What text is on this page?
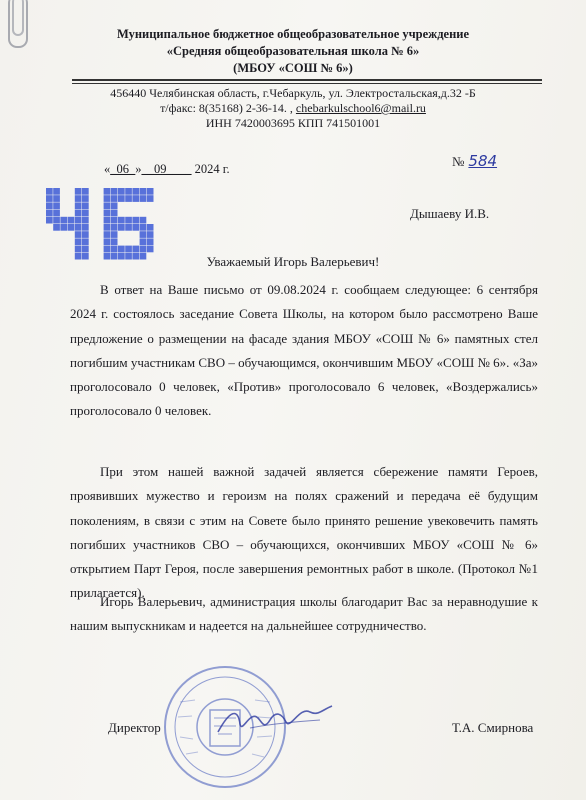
Муниципальное бюджетное общеобразовательное учреждение
«Средняя общеобразовательная школа № 6»
(МБОУ «СОШ № 6»)
456440 Челябинская область, г.Чебаркуль, ул. Электростальская,д.32 -Б
т/факс: 8(35168) 2-36-14. , chebarkulschool6@mail.ru
ИНН 7420003695 КПП 741501001
«_06_»__09____ 2024 г.	№ 584
Дышаеву И.В.
Уважаемый Игорь Валерьевич!

В ответ на Ваше письмо от 09.08.2024 г. сообщаем следующее: 6 сентября 2024 г. состоялось заседание Совета Школы, на котором было рассмотрено Ваше предложение о размещении на фасаде здания МБОУ «СОШ № 6» памятных стел погибшим участникам СВО – обучающимся, окончившим МБОУ «СОШ № 6». «За» проголосовало 0 человек, «Против» проголосовало 6 человек, «Воздержались» проголосовало 0 человек.

При этом нашей важной задачей является сбережение памяти Героев, проявивших мужество и героизм на полях сражений и передача её будущим поколениям, в связи с этим на Совете было принято решение увековечить память погибших участников СВО – обучающихся, окончивших МБОУ «СОШ № 6» открытием Парт Героя, после завершения ремонтных работ в школе. (Протокол №1 прилагается).

Игорь Валерьевич, администрация школы благодарит Вас за неравнодушие к нашим выпускникам и надеется на дальнейшее сотрудничество.

Директор	Т.А. Смирнова
